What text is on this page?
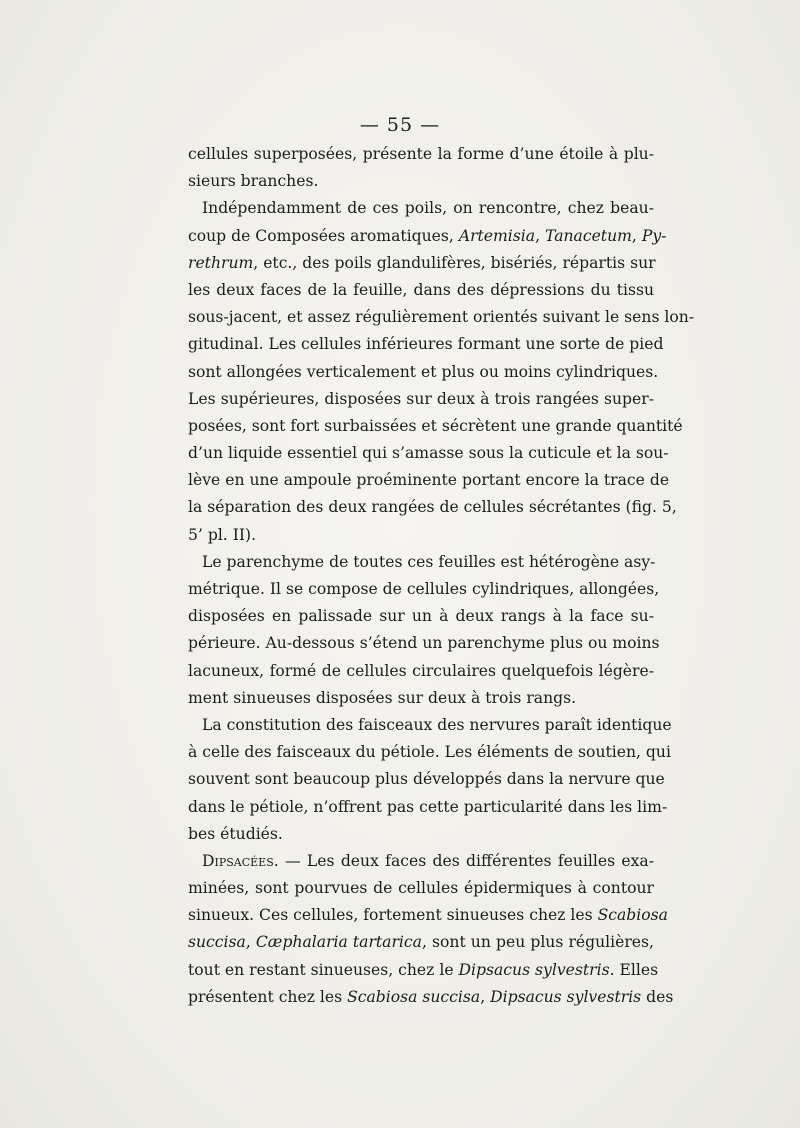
— 55 —
cellules superposées, présente la forme d’une étoile à plu-
sieurs branches.
Indépendamment de ces poils, on rencontre, chez beau-
coup de Composées aromatiques, Artemisia, Tanacetum, Py-
rethrum, etc., des poils glandulifères, bisériés, répartis sur
les deux faces de la feuille, dans des dépressions du tissu
sous-jacent, et assez régulièrement orientés suivant le sens lon-
gitudinal. Les cellules inférieures formant une sorte de pied
sont allongées verticalement et plus ou moins cylindriques.
Les supérieures, disposées sur deux à trois rangées super-
posées, sont fort surbaissées et sécrètent une grande quantité
d’un liquide essentiel qui s’amasse sous la cuticule et la sou-
lève en une ampoule proéminente portant encore la trace de
la séparation des deux rangées de cellules sécrétantes (fig. 5,
5’ pl. II).
Le parenchyme de toutes ces feuilles est hétérogène asy-
métrique. Il se compose de cellules cylindriques, allongées,
disposées en palissade sur un à deux rangs à la face su-
périeure. Au-dessous s’étend un parenchyme plus ou moins
lacuneux, formé de cellules circulaires quelquefois légère-
ment sinueuses disposées sur deux à trois rangs.
La constitution des faisceaux des nervures paraît identique
à celle des faisceaux du pétiole. Les éléments de soutien, qui
souvent sont beaucoup plus développés dans la nervure que
dans le pétiole, n’offrent pas cette particularité dans les lim-
bes étudiés.
Dipsacées. — Les deux faces des différentes feuilles exa-
minées, sont pourvues de cellules épidermiques à contour
sinueux. Ces cellules, fortement sinueuses chez les Scabiosa
succisa, Cæphalaria tartarica, sont un peu plus régulières,
tout en restant sinueuses, chez le Dipsacus sylvestris. Elles
présentent chez les Scabiosa succisa, Dipsacus sylvestris des
